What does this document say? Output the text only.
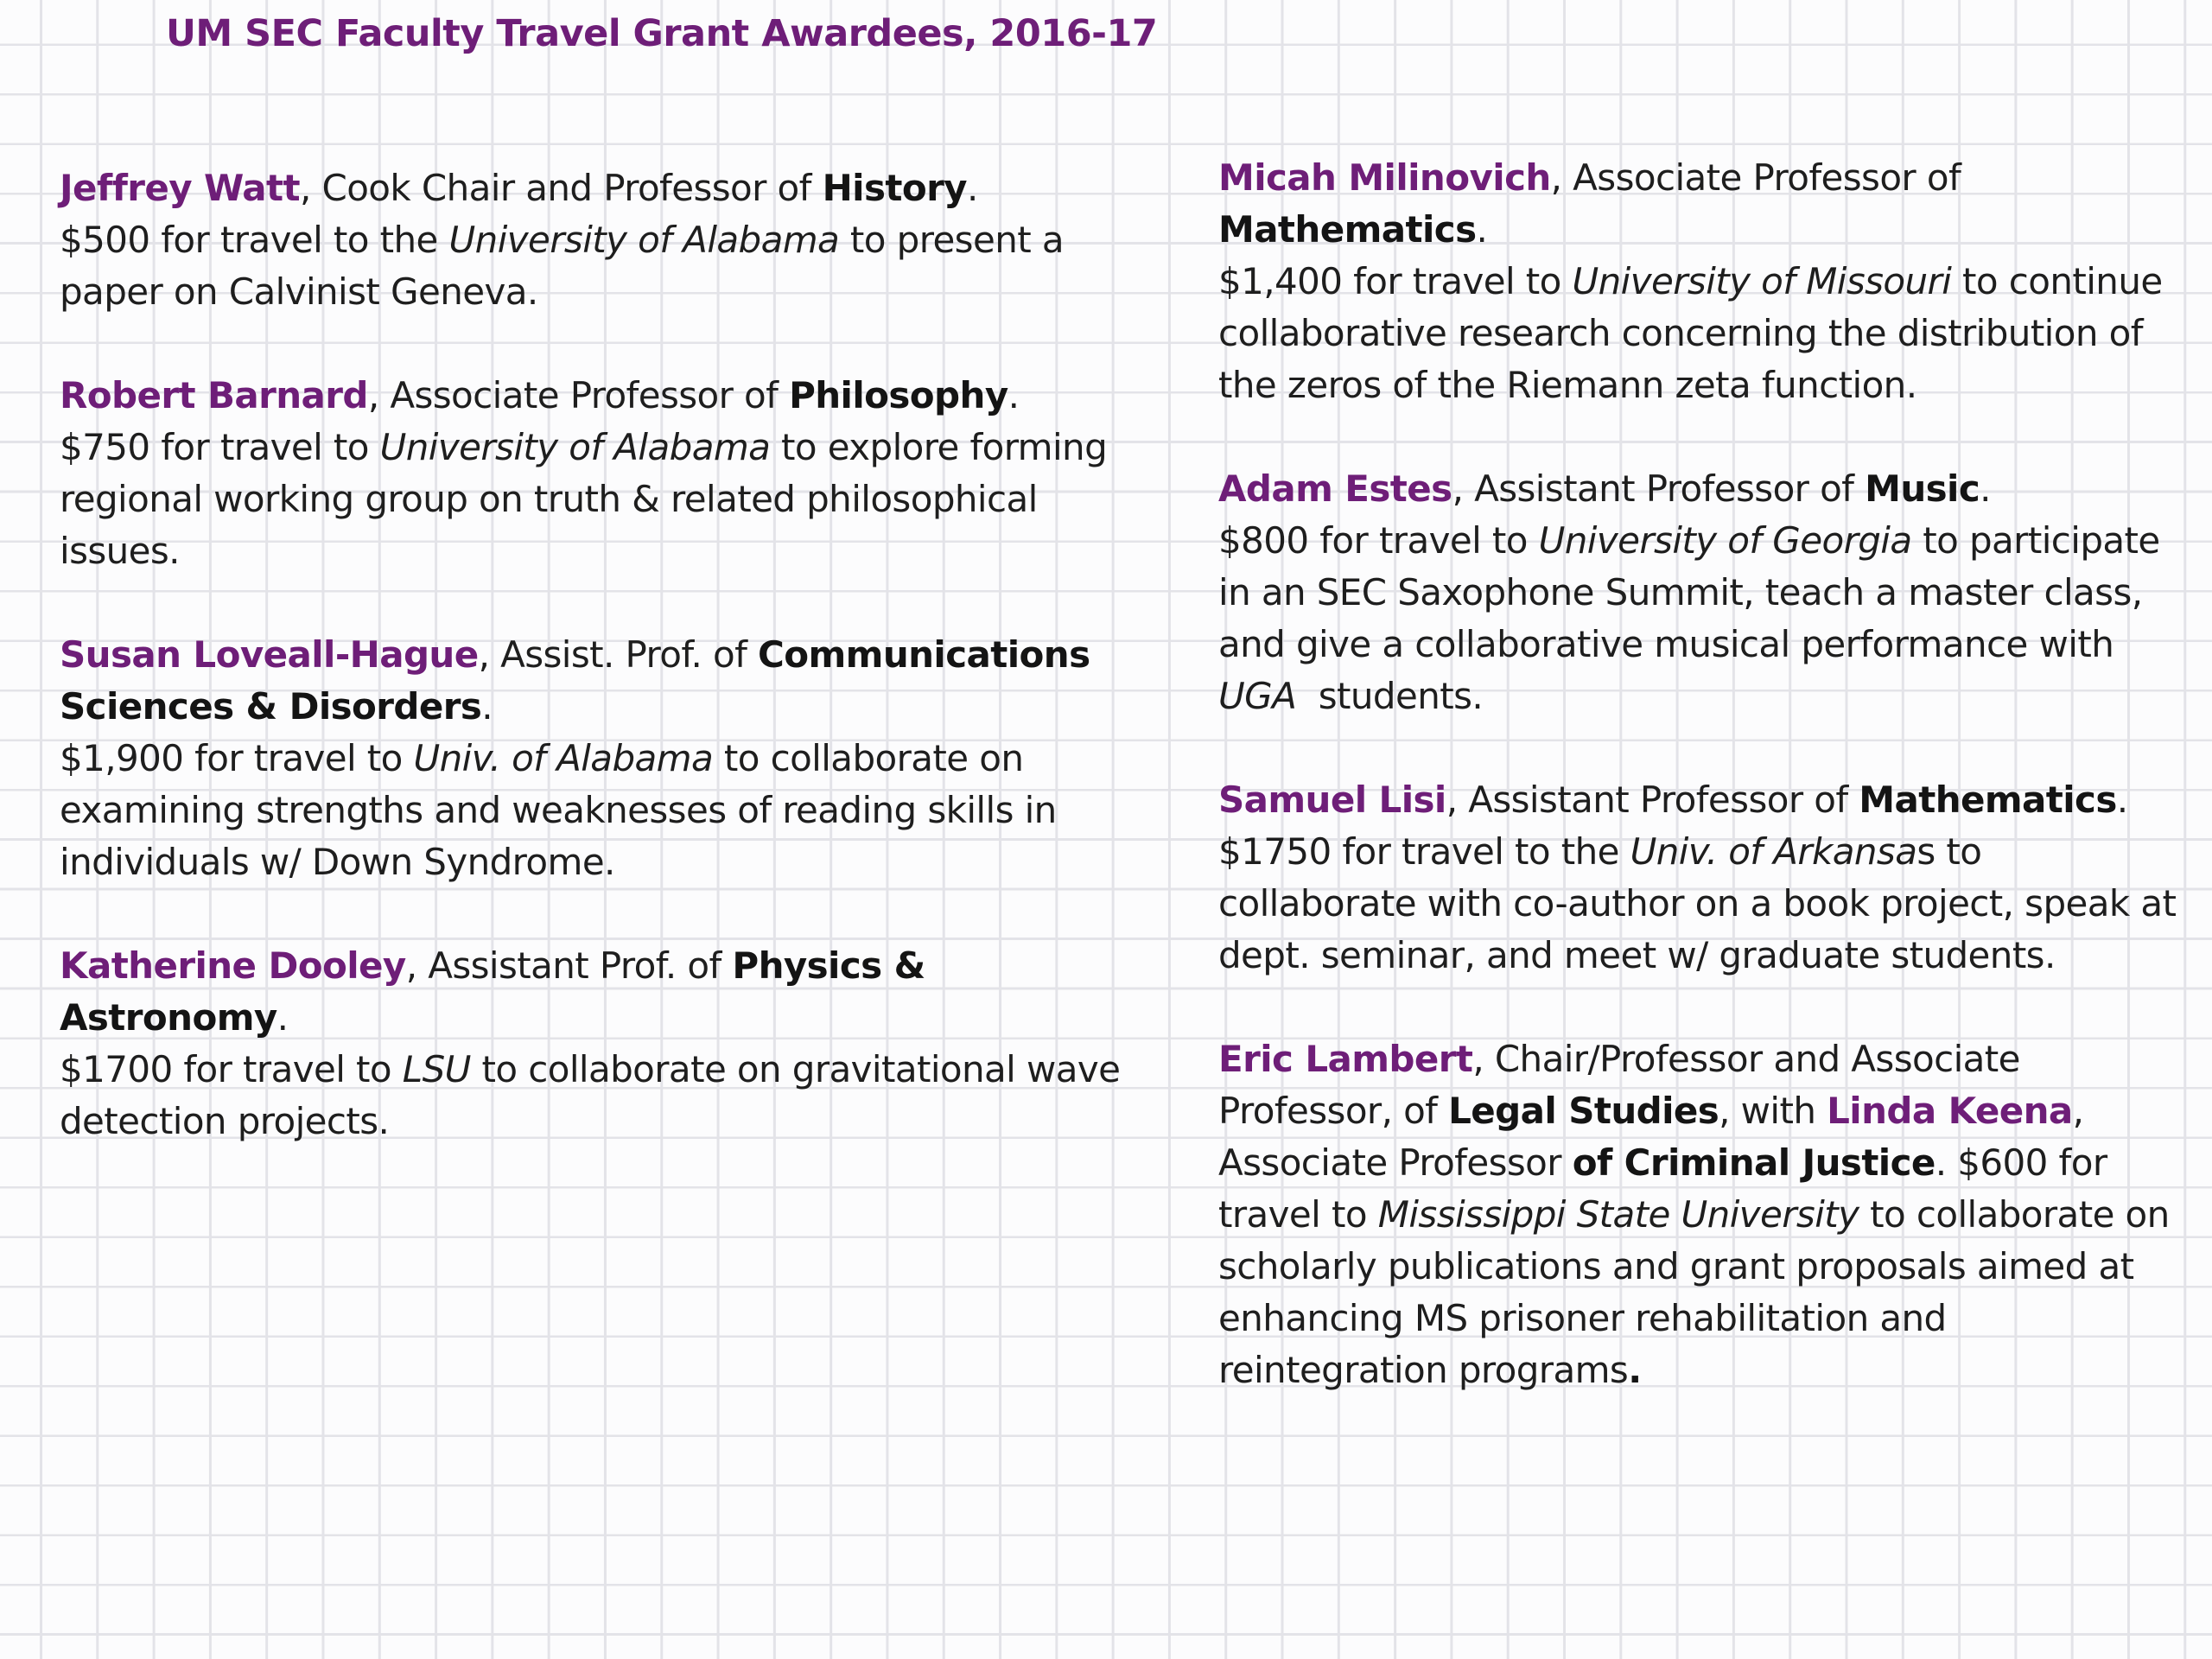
UM SEC Faculty Travel Grant Awardees, 2016-17

Jeffrey Watt, Cook Chair and Professor of History.
$500 for travel to the University of Alabama to present a paper on Calvinist Geneva.

Robert Barnard, Associate Professor of Philosophy.
$750 for travel to University of Alabama to explore forming regional working group on truth & related philosophical issues.

Susan Loveall-Hague, Assist. Prof. of Communications Sciences & Disorders.
$1,900 for travel to Univ. of Alabama to collaborate on examining strengths and weaknesses of reading skills in individuals w/ Down Syndrome.

Katherine Dooley, Assistant Prof. of Physics & Astronomy.
$1700 for travel to LSU to collaborate on gravitational wave detection projects.

Micah Milinovich, Associate Professor of Mathematics.
$1,400 for travel to University of Missouri to continue collaborative research concerning the distribution of the zeros of the Riemann zeta function.

Adam Estes, Assistant Professor of Music.
$800 for travel to University of Georgia to participate in an SEC Saxophone Summit, teach a master class, and give a collaborative musical performance with UGA  students.

Samuel Lisi, Assistant Professor of Mathematics.
$1750 for travel to the Univ. of Arkansas to collaborate with co-author on a book project, speak at dept. seminar, and meet w/ graduate students.

Eric Lambert, Chair/Professor and Associate Professor, of Legal Studies, with Linda Keena, Associate Professor of Criminal Justice. $600 for travel to Mississippi State University to collaborate on scholarly publications and grant proposals aimed at enhancing MS prisoner rehabilitation and reintegration programs.
